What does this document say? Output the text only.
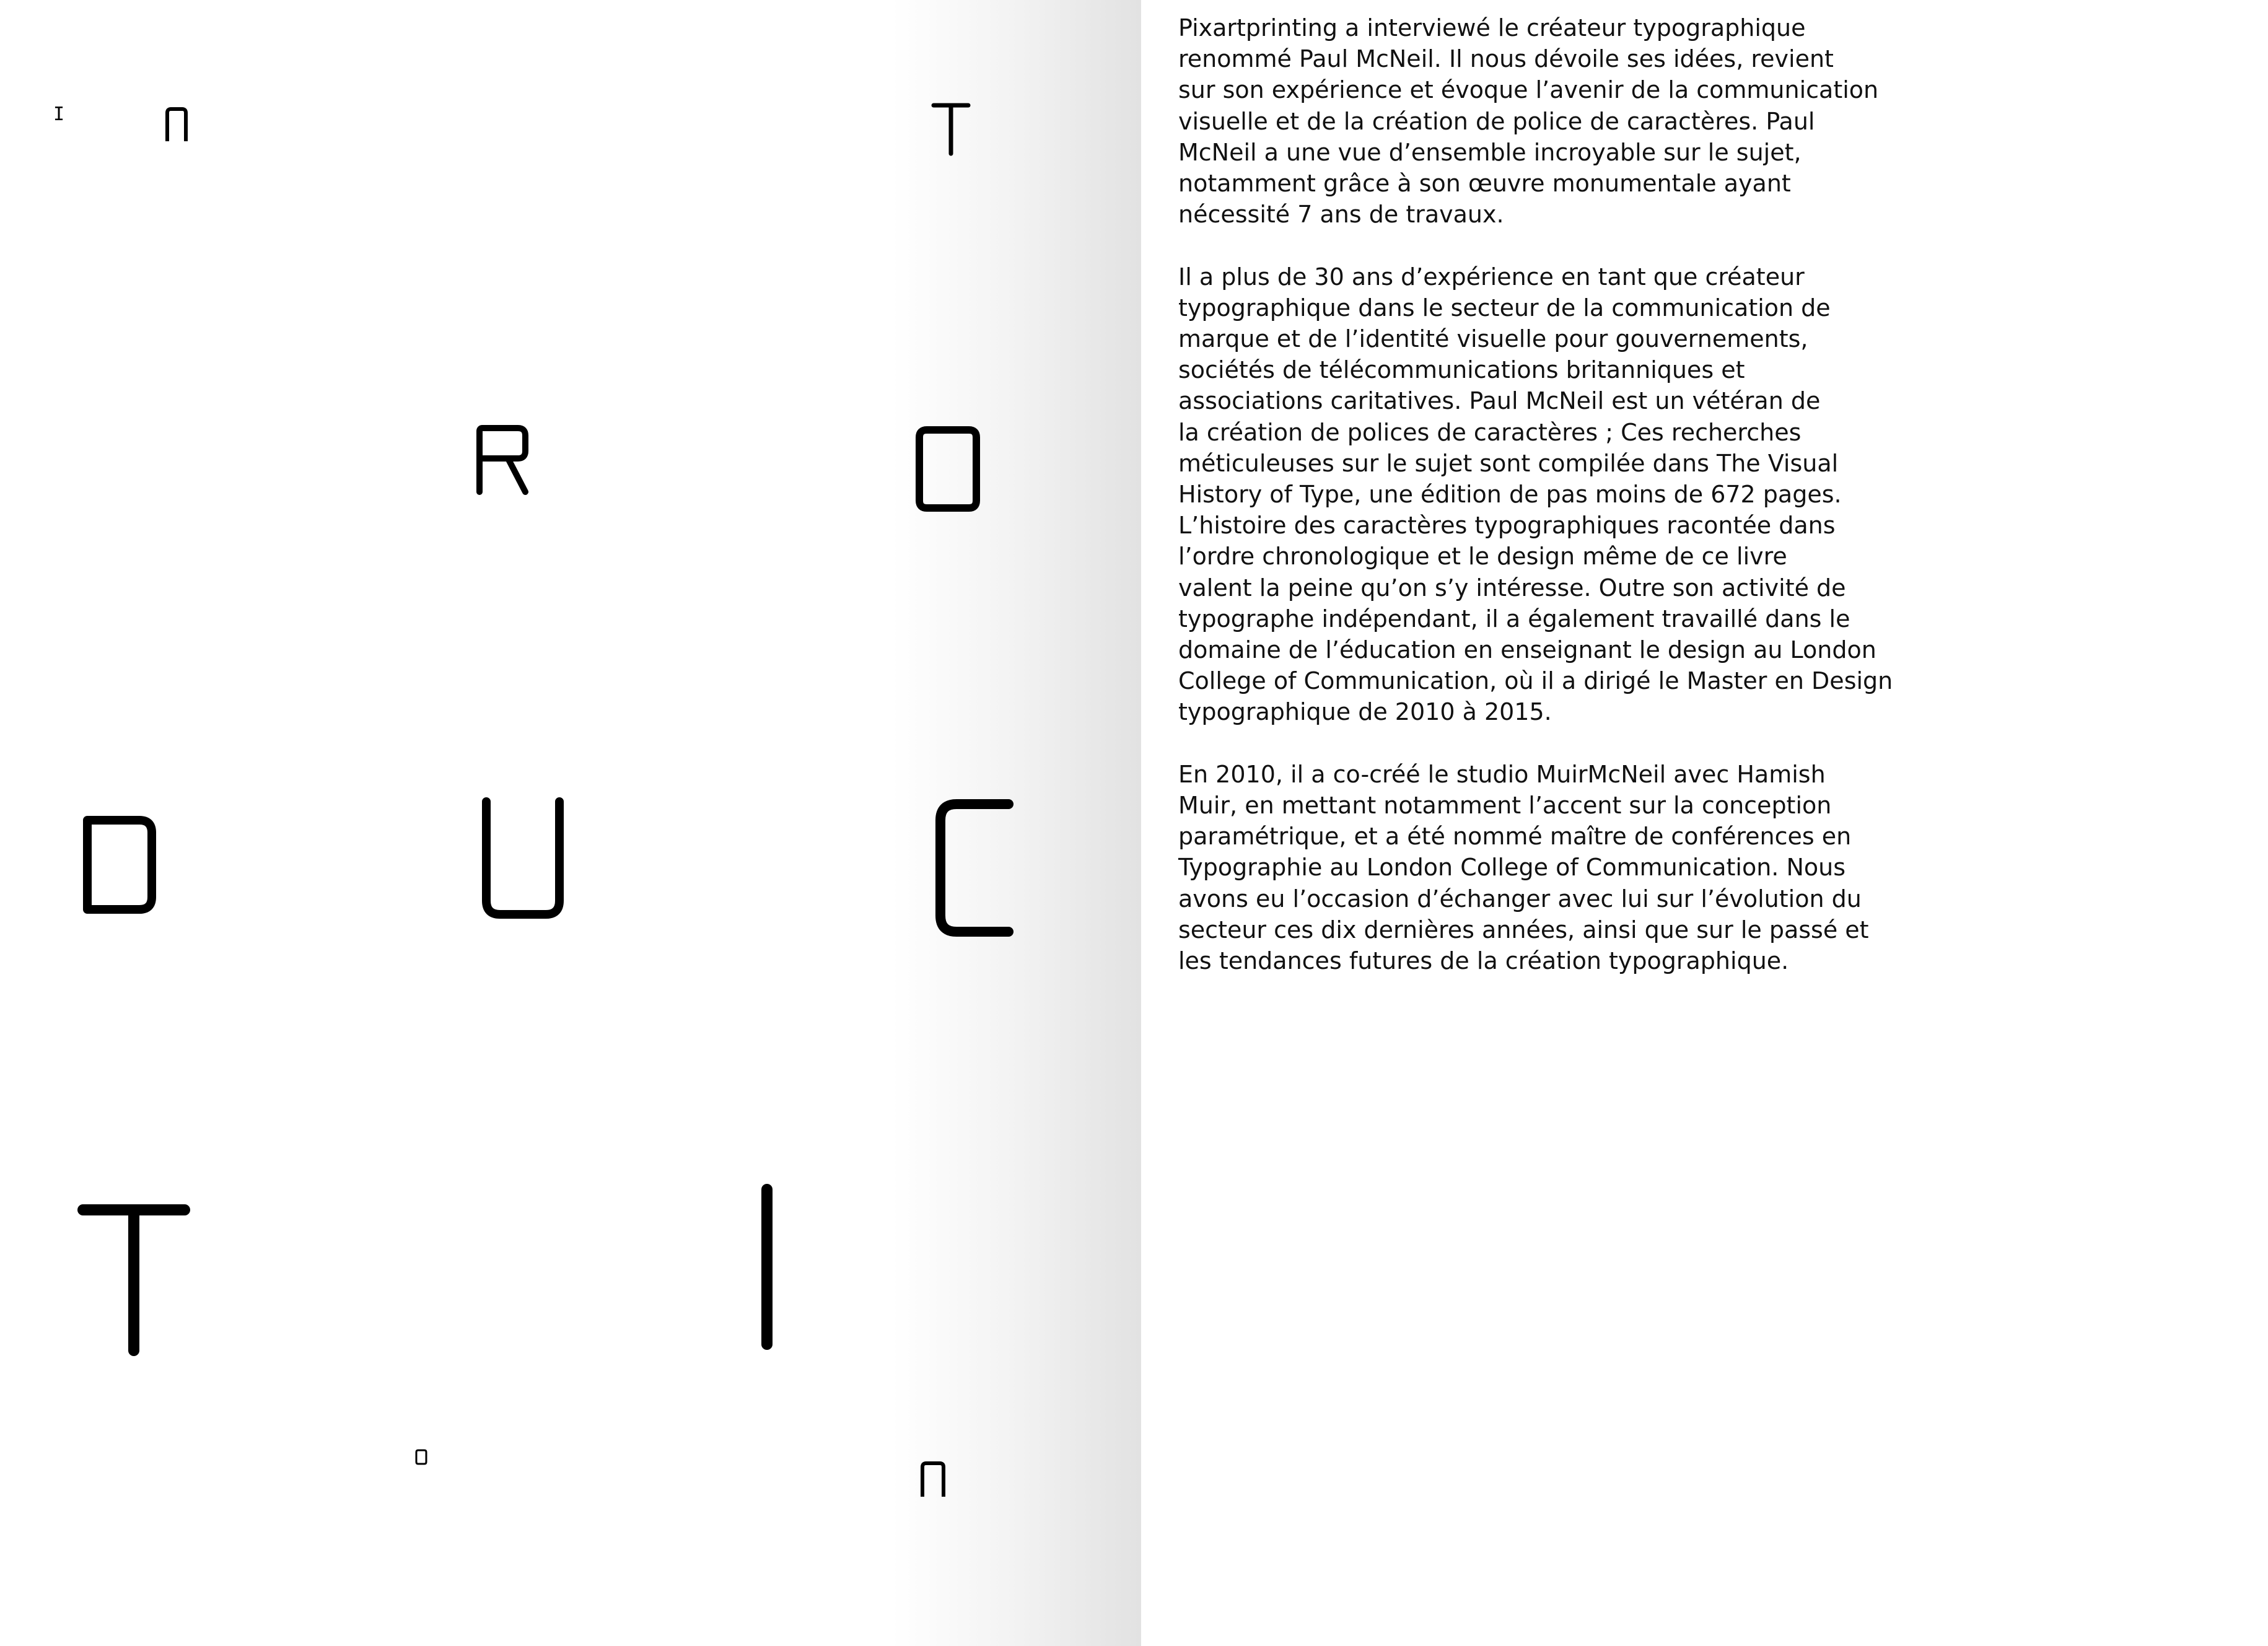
I

Pixartprinting a interviewé le créateur typographique
renommé Paul McNeil. Il nous dévoile ses idées, revient
sur son expérience et évoque l’avenir de la communication
visuelle et de la création de police de caractères. Paul
McNeil a une vue d’ensemble incroyable sur le sujet,
notamment grâce à son œuvre monumentale ayant
nécessité 7 ans de travaux.

Il a plus de 30 ans d’expérience en tant que créateur
typographique dans le secteur de la communication de
marque et de l’identité visuelle pour gouvernements,
sociétés de télécommunications britanniques et
associations caritatives. Paul McNeil est un vétéran de
la création de polices de caractères ; Ces recherches
méticuleuses sur le sujet sont compilée dans The Visual
History of Type, une édition de pas moins de 672 pages.
L’histoire des caractères typographiques racontée dans
l’ordre chronologique et le design même de ce livre
valent la peine qu’on s’y intéresse. Outre son activité de
typographe indépendant, il a également travaillé dans le
domaine de l’éducation en enseignant le design au London
College of Communication, où il a dirigé le Master en Design
typographique de 2010 à 2015.

En 2010, il a co-créé le studio MuirMcNeil avec Hamish
Muir, en mettant notamment l’accent sur la conception
paramétrique, et a été nommé maître de conférences en
Typographie au London College of Communication. Nous
avons eu l’occasion d’échanger avec lui sur l’évolution du
secteur ces dix dernières années, ainsi que sur le passé et
les tendances futures de la création typographique.
